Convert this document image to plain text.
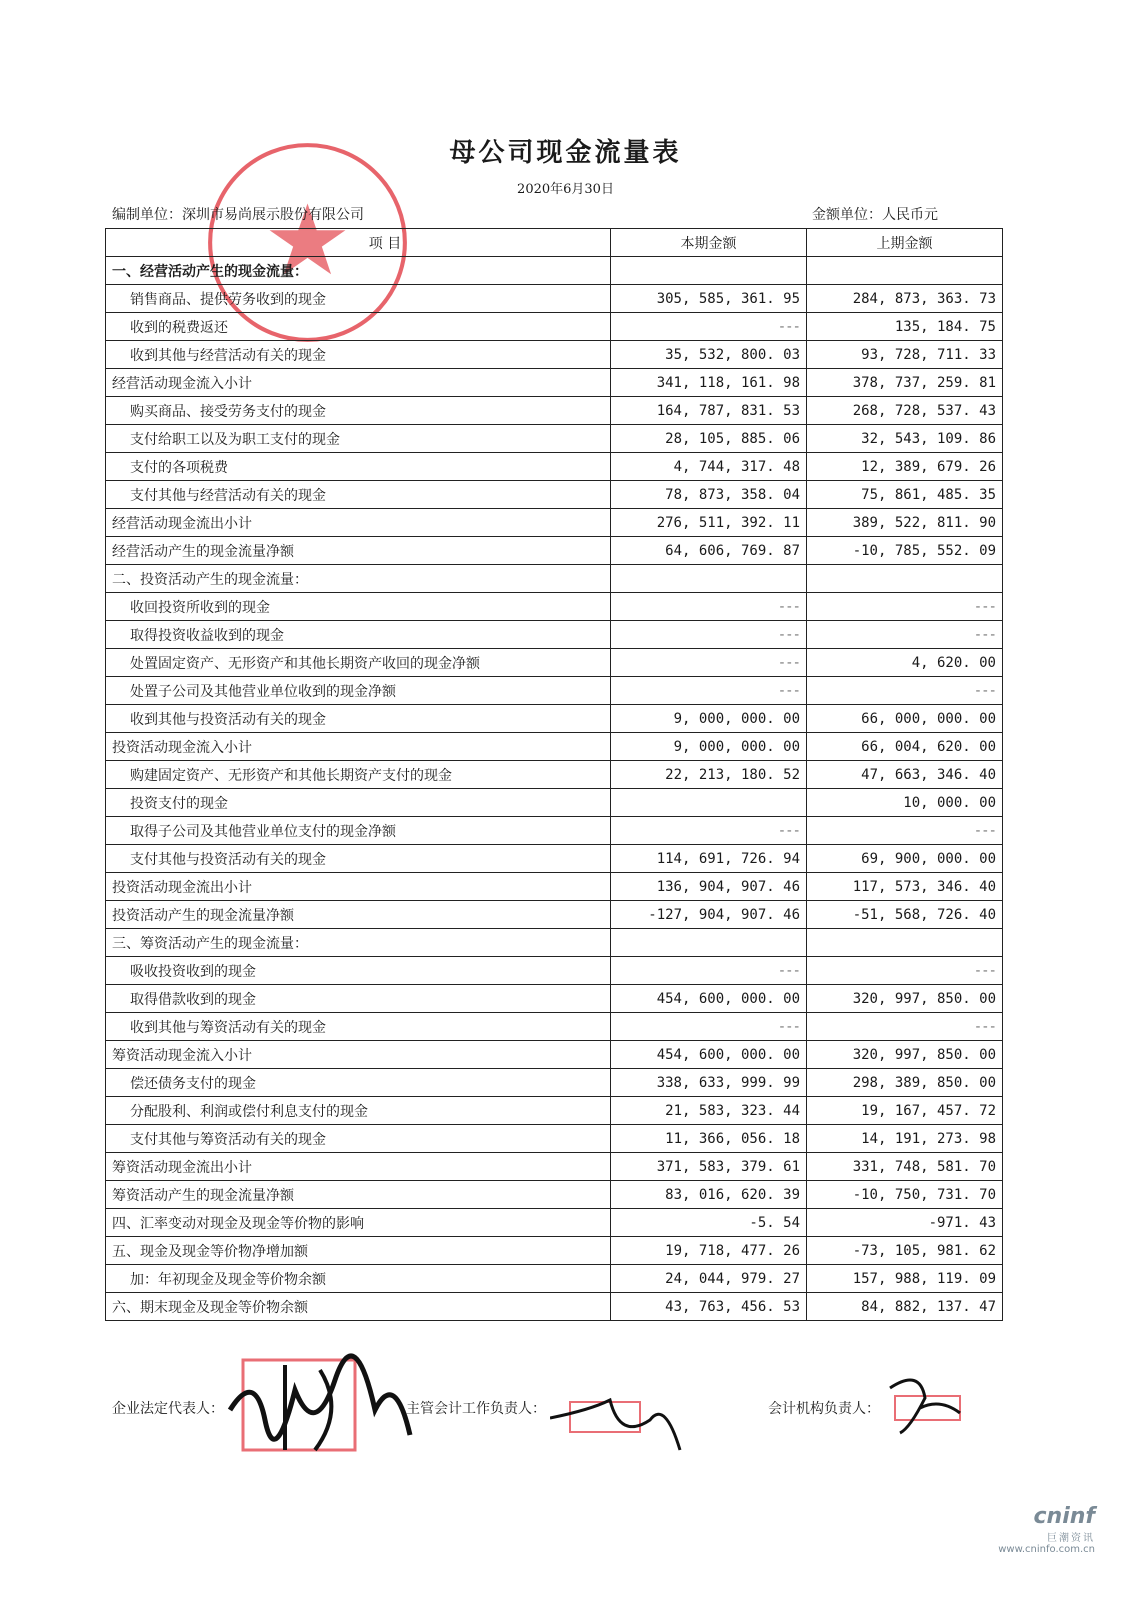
母公司现金流量表
2020年6月30日
编制单位：深圳市易尚展示股份有限公司	金额单位：人民币元
项 目	本期金额	上期金额
一、经营活动产生的现金流量：		
销售商品、提供劳务收到的现金	305, 585, 361. 95	284, 873, 363. 73
收到的税费返还	---	135, 184. 75
收到其他与经营活动有关的现金	35, 532, 800. 03	93, 728, 711. 33
经营活动现金流入小计	341, 118, 161. 98	378, 737, 259. 81
购买商品、接受劳务支付的现金	164, 787, 831. 53	268, 728, 537. 43
支付给职工以及为职工支付的现金	28, 105, 885. 06	32, 543, 109. 86
支付的各项税费	4, 744, 317. 48	12, 389, 679. 26
支付其他与经营活动有关的现金	78, 873, 358. 04	75, 861, 485. 35
经营活动现金流出小计	276, 511, 392. 11	389, 522, 811. 90
经营活动产生的现金流量净额	64, 606, 769. 87	-10, 785, 552. 09
二、投资活动产生的现金流量：		
收回投资所收到的现金	---	---
取得投资收益收到的现金	---	---
处置固定资产、无形资产和其他长期资产收回的现金净额	---	4, 620. 00
处置子公司及其他营业单位收到的现金净额	---	---
收到其他与投资活动有关的现金	9, 000, 000. 00	66, 000, 000. 00
投资活动现金流入小计	9, 000, 000. 00	66, 004, 620. 00
购建固定资产、无形资产和其他长期资产支付的现金	22, 213, 180. 52	47, 663, 346. 40
投资支付的现金		10, 000. 00
取得子公司及其他营业单位支付的现金净额	---	---
支付其他与投资活动有关的现金	114, 691, 726. 94	69, 900, 000. 00
投资活动现金流出小计	136, 904, 907. 46	117, 573, 346. 40
投资活动产生的现金流量净额	-127, 904, 907. 46	-51, 568, 726. 40
三、筹资活动产生的现金流量：		
吸收投资收到的现金	---	---
取得借款收到的现金	454, 600, 000. 00	320, 997, 850. 00
收到其他与筹资活动有关的现金	---	---
筹资活动现金流入小计	454, 600, 000. 00	320, 997, 850. 00
偿还债务支付的现金	338, 633, 999. 99	298, 389, 850. 00
分配股利、利润或偿付利息支付的现金	21, 583, 323. 44	19, 167, 457. 72
支付其他与筹资活动有关的现金	11, 366, 056. 18	14, 191, 273. 98
筹资活动现金流出小计	371, 583, 379. 61	331, 748, 581. 70
筹资活动产生的现金流量净额	83, 016, 620. 39	-10, 750, 731. 70
四、汇率变动对现金及现金等价物的影响	-5. 54	-971. 43
五、现金及现金等价物净增加额	19, 718, 477. 26	-73, 105, 981. 62
加：年初现金及现金等价物余额	24, 044, 979. 27	157, 988, 119. 09
六、期末现金及现金等价物余额	43, 763, 456. 53	84, 882, 137. 47
企业法定代表人：	主管会计工作负责人：	会计机构负责人：
cninf
巨潮资讯
www.cninfo.com.cn
